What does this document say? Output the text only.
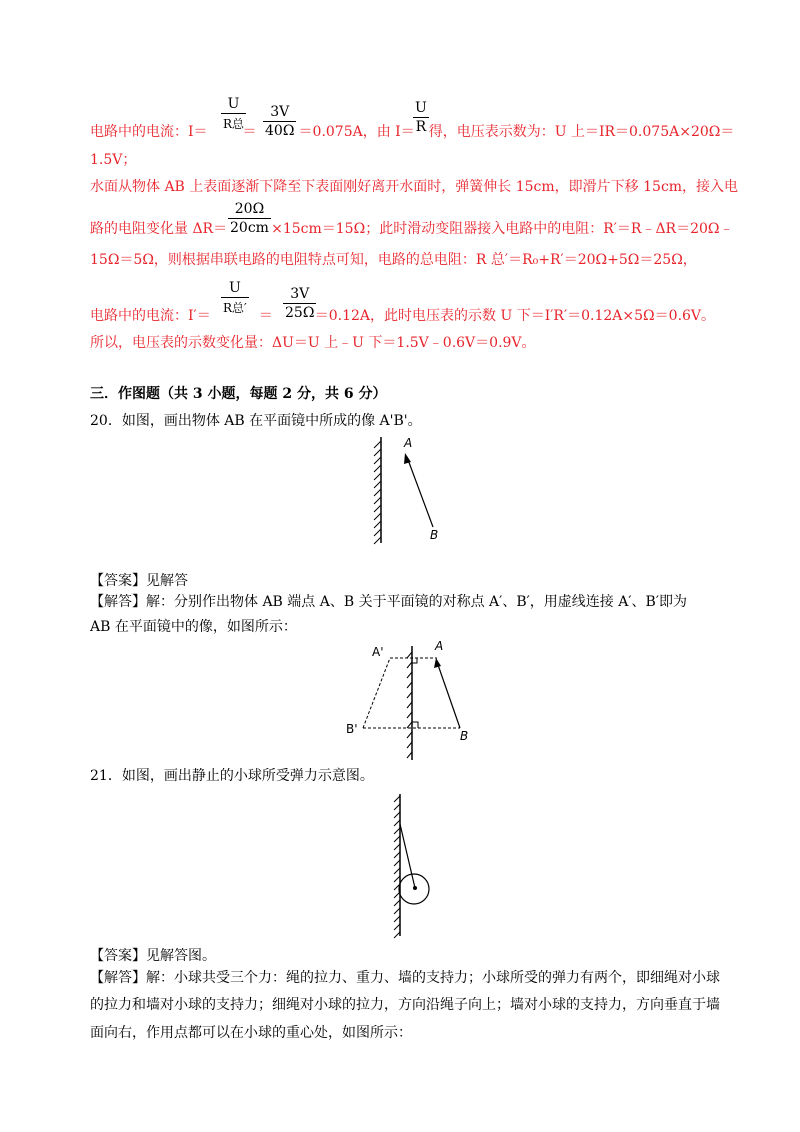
U
R总
3V
40Ω
U
R
电路中的电流：I＝	＝	＝0.075A，由 I＝ 得，电压表示数为：U 上＝IR＝0.075A×20Ω＝
1.5V；
水面从物体 AB 上表面逐渐下降至下表面刚好离开水面时，弹簧伸长 15cm，即滑片下移 15cm，接入电
20Ω
20cm
路的电阻变化量 ΔR＝	×15cm＝15Ω；此时滑动变阻器接入电路中的电阻：R′＝R﹣ΔR＝20Ω﹣
15Ω＝5Ω，则根据串联电路的电阻特点可知，电路的总电阻：R 总′＝R₀+R′＝20Ω+5Ω＝25Ω，
U
R总′
3V
25Ω
电路中的电流：I′＝	＝	＝0.12A，此时电压表的示数 U 下＝I′R′＝0.12A×5Ω＝0.6V。
所以，电压表的示数变化量：ΔU＝U 上﹣U 下＝1.5V﹣0.6V＝0.9V。
三．作图题（共 3 小题，每题 2 分，共 6 分）
20．如图，画出物体 AB 在平面镜中所成的像 A'B'。
A
B
【答案】见解答
【解答】解：分别作出物体 AB 端点 A、B 关于平面镜的对称点 A′、B′，用虚线连接 A′、B′即为
AB 在平面镜中的像，如图所示：
A'	A
B'	B
21．如图，画出静止的小球所受弹力示意图。
【答案】见解答图。
【解答】解：小球共受三个力：绳的拉力、重力、墙的支持力；小球所受的弹力有两个，即细绳对小球
的拉力和墙对小球的支持力；细绳对小球的拉力，方向沿绳子向上；墙对小球的支持力，方向垂直于墙
面向右，作用点都可以在小球的重心处，如图所示：
